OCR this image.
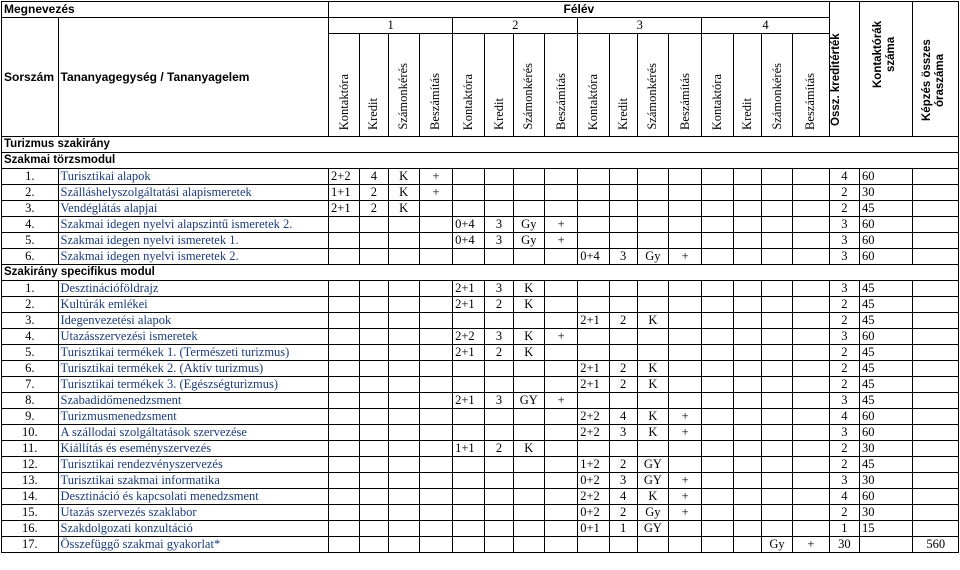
Megnevezés		Félév																Össz. kreditérték	Kontaktórák száma	Képzés összes óraszáma
Sorszám	Tananyagegység / Tananyagelem	1				2				3				4						
		Kontaktóra	Kredit	Számonkérés	Beszámítás	Kontaktóra	Kredit	Számonkérés	Beszámítás	Kontaktóra	Kredit	Számonkérés	Beszámítás	Kontaktóra	Kredit	Számonkérés	Beszámítás			
Turizmus szakirány																				
Szakmai törzsmodul																				
1.	Turisztikai alapok	2+2	4	K	+													4	60	
2.	Szálláshelyszolgáltatási alapismeretek	1+1	2	K	+													2	30	
3.	Vendéglátás alapjai	2+1	2	K														2	45	
4.	Szakmai idegen nyelvi alapszintű ismeretek 2.					0+4	3	Gy	+									3	60	
5.	Szakmai idegen nyelvi ismeretek 1.					0+4	3	Gy	+									3	60	
6.	Szakmai idegen nyelvi ismeretek 2.									0+4	3	Gy	+					3	60	
Szakirány specifikus modul																				
1.	Desztinációföldrajz					2+1	3	K										3	45	
2.	Kultúrák emlékei					2+1	2	K										2	45	
3.	Idegenvezetési alapok									2+1	2	K						2	45	
4.	Utazásszervezési ismeretek					2+2	3	K	+									3	60	
5.	Turisztikai termékek 1. (Természeti turizmus)					2+1	2	K										2	45	
6.	Turisztikai termékek 2. (Aktív turizmus)									2+1	2	K						2	45	
7.	Turisztikai termékek 3. (Egészségturizmus)									2+1	2	K						2	45	
8.	Szabadidőmenedzsment					2+1	3	GY	+									3	45	
9.	Turizmusmenedzsment									2+2	4	K	+					4	60	
10.	A szállodai szolgáltatások szervezése									2+2	3	K	+					3	60	
11.	Kiállítás és eseményszervezés					1+1	2	K										2	30	
12.	Turisztikai rendezvényszervezés									1+2	2	GY						2	45	
13.	Turisztikai szakmai informatika									0+2	3	GY	+					3	30	
14.	Desztináció és kapcsolati menedzsment									2+2	4	K	+					4	60	
15.	Utazás szervezés szaklabor									0+2	2	Gy	+					2	30	
16.	Szakdolgozati konzultáció									0+1	1	GY						1	15	
17.	Összefüggő szakmai gyakorlat*															Gy	+	30		560
